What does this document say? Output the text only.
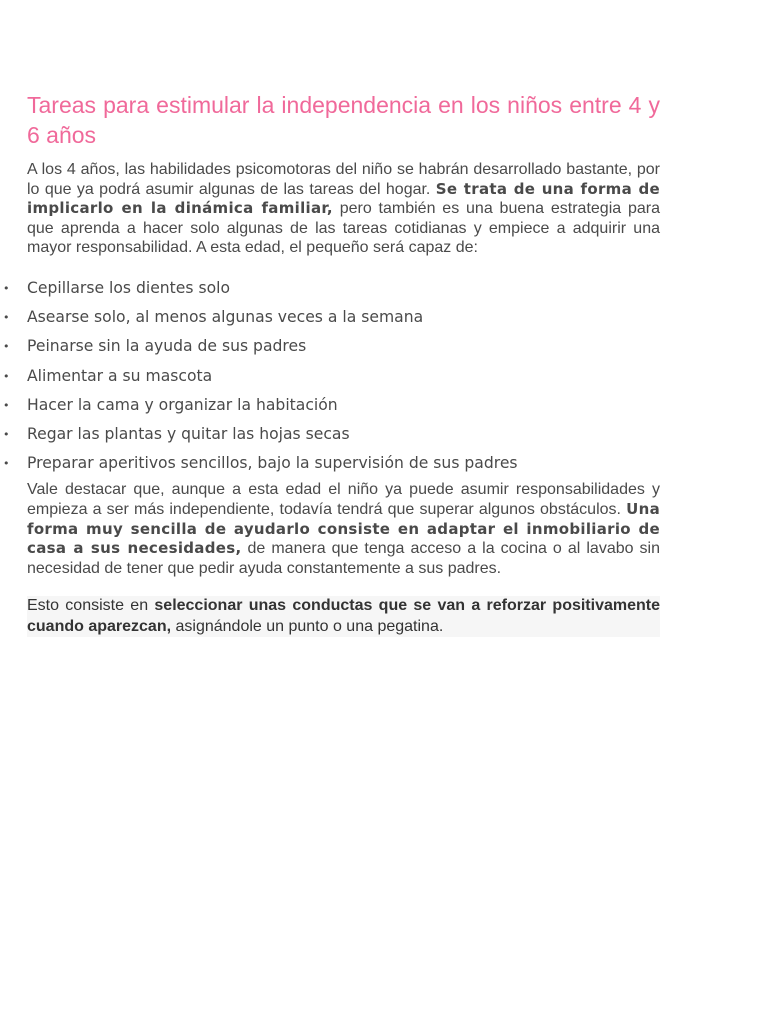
Tareas para estimular la independencia en los niños entre 4 y 6 años

A los 4 años, las habilidades psicomotoras del niño se habrán desarrollado bastante, por lo que ya podrá asumir algunas de las tareas del hogar. Se trata de una forma de implicarlo en la dinámica familiar, pero también es una buena estrategia para que aprenda a hacer solo algunas de las tareas cotidianas y empiece a adquirir una mayor responsabilidad. A esta edad, el pequeño será capaz de:

• Cepillarse los dientes solo
• Asearse solo, al menos algunas veces a la semana
• Peinarse sin la ayuda de sus padres
• Alimentar a su mascota
• Hacer la cama y organizar la habitación
• Regar las plantas y quitar las hojas secas
• Preparar aperitivos sencillos, bajo la supervisión de sus padres

Vale destacar que, aunque a esta edad el niño ya puede asumir responsabilidades y empieza a ser más independiente, todavía tendrá que superar algunos obstáculos. Una forma muy sencilla de ayudarlo consiste en adaptar el inmobiliario de casa a sus necesidades, de manera que tenga acceso a la cocina o al lavabo sin necesidad de tener que pedir ayuda constantemente a sus padres.

Esto consiste en seleccionar unas conductas que se van a reforzar positivamente cuando aparezcan, asignándole un punto o una pegatina.
